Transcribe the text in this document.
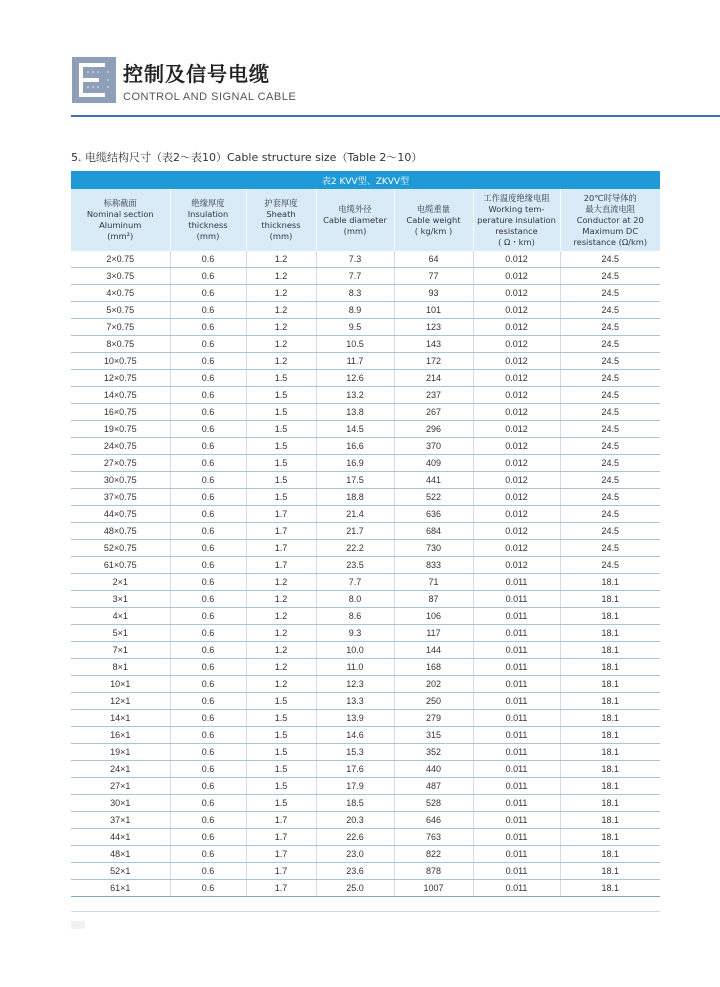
控制及信号电缆
CONTROL AND SIGNAL CABLE
5. 电缆结构尺寸（表2～表10）Cable structure size（Table 2～10）
表2 KVV型、ZKVV型						

标称截面
Nominal section
Aluminum
(mm²)	绝缘厚度
Insulation
thickness
(mm)	护套厚度
Sheath
thickness
(mm)	电缆外径
Cable diameter
(mm)	电缆重量
Cable weight
( kg/km )	工作温度绝缘电阻
Working tem-
perature insulation
resistance
( Ω・km)	20℃时导体的
最大直流电阻
Conductor at 20
Maximum DC
resistance (Ω/km)

2×0.75	0.6	1.2	7.3	64	0.012	24.5
3×0.75	0.6	1.2	7.7	77	0.012	24.5
4×0.75	0.6	1.2	8.3	93	0.012	24.5
5×0.75	0.6	1.2	8.9	101	0.012	24.5
7×0.75	0.6	1.2	9.5	123	0.012	24.5
8×0.75	0.6	1.2	10.5	143	0.012	24.5
10×0.75	0.6	1.2	11.7	172	0.012	24.5
12×0.75	0.6	1.5	12.6	214	0.012	24.5
14×0.75	0.6	1.5	13.2	237	0.012	24.5
16×0.75	0.6	1.5	13.8	267	0.012	24.5
19×0.75	0.6	1.5	14.5	296	0.012	24.5
24×0.75	0.6	1.5	16.6	370	0.012	24.5
27×0.75	0.6	1.5	16.9	409	0.012	24.5
30×0.75	0.6	1.5	17.5	441	0.012	24.5
37×0.75	0.6	1.5	18.8	522	0.012	24.5
44×0.75	0.6	1.7	21.4	636	0.012	24.5
48×0.75	0.6	1.7	21.7	684	0.012	24.5
52×0.75	0.6	1.7	22.2	730	0.012	24.5
61×0.75	0.6	1.7	23.5	833	0.012	24.5
2×1	0.6	1.2	7.7	71	0.011	18.1
3×1	0.6	1.2	8.0	87	0.011	18.1
4×1	0.6	1.2	8.6	106	0.011	18.1
5×1	0.6	1.2	9.3	117	0.011	18.1
7×1	0.6	1.2	10.0	144	0.011	18.1
8×1	0.6	1.2	11.0	168	0.011	18.1
10×1	0.6	1.2	12.3	202	0.011	18.1
12×1	0.6	1.5	13.3	250	0.011	18.1
14×1	0.6	1.5	13.9	279	0.011	18.1
16×1	0.6	1.5	14.6	315	0.011	18.1
19×1	0.6	1.5	15.3	352	0.011	18.1
24×1	0.6	1.5	17.6	440	0.011	18.1
27×1	0.6	1.5	17.9	487	0.011	18.1
30×1	0.6	1.5	18.5	528	0.011	18.1
37×1	0.6	1.7	20.3	646	0.011	18.1
44×1	0.6	1.7	22.6	763	0.011	18.1
48×1	0.6	1.7	23.0	822	0.011	18.1
52×1	0.6	1.7	23.6	878	0.011	18.1
61×1	0.6	1.7	25.0	1007	0.011	18.1
